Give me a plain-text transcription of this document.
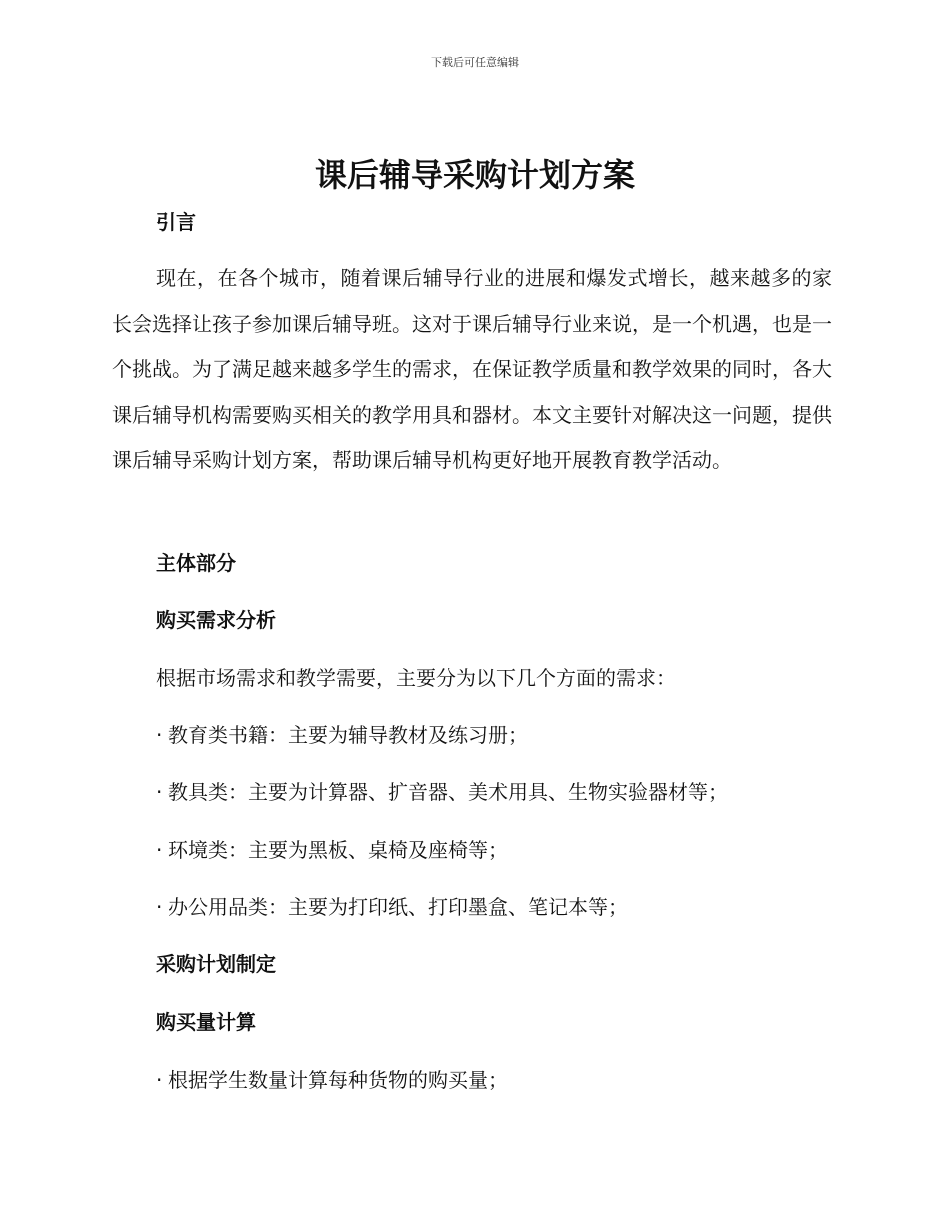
下载后可任意编辑
课后辅导采购计划方案
引言

现在，在各个城市，随着课后辅导行业的进展和爆发式增长，越来越多的家长会选择让孩子参加课后辅导班。这对于课后辅导行业来说，是一个机遇，也是一个挑战。为了满足越来越多学生的需求，在保证教学质量和教学效果的同时，各大课后辅导机构需要购买相关的教学用具和器材。本文主要针对解决这一问题，提供课后辅导采购计划方案，帮助课后辅导机构更好地开展教育教学活动。

主体部分
购买需求分析
根据市场需求和教学需要，主要分为以下几个方面的需求：
· 教育类书籍：主要为辅导教材及练习册；
· 教具类：主要为计算器、扩音器、美术用具、生物实验器材等；
· 环境类：主要为黑板、桌椅及座椅等；
· 办公用品类：主要为打印纸、打印墨盒、笔记本等；
采购计划制定
购买量计算
· 根据学生数量计算每种货物的购买量；
